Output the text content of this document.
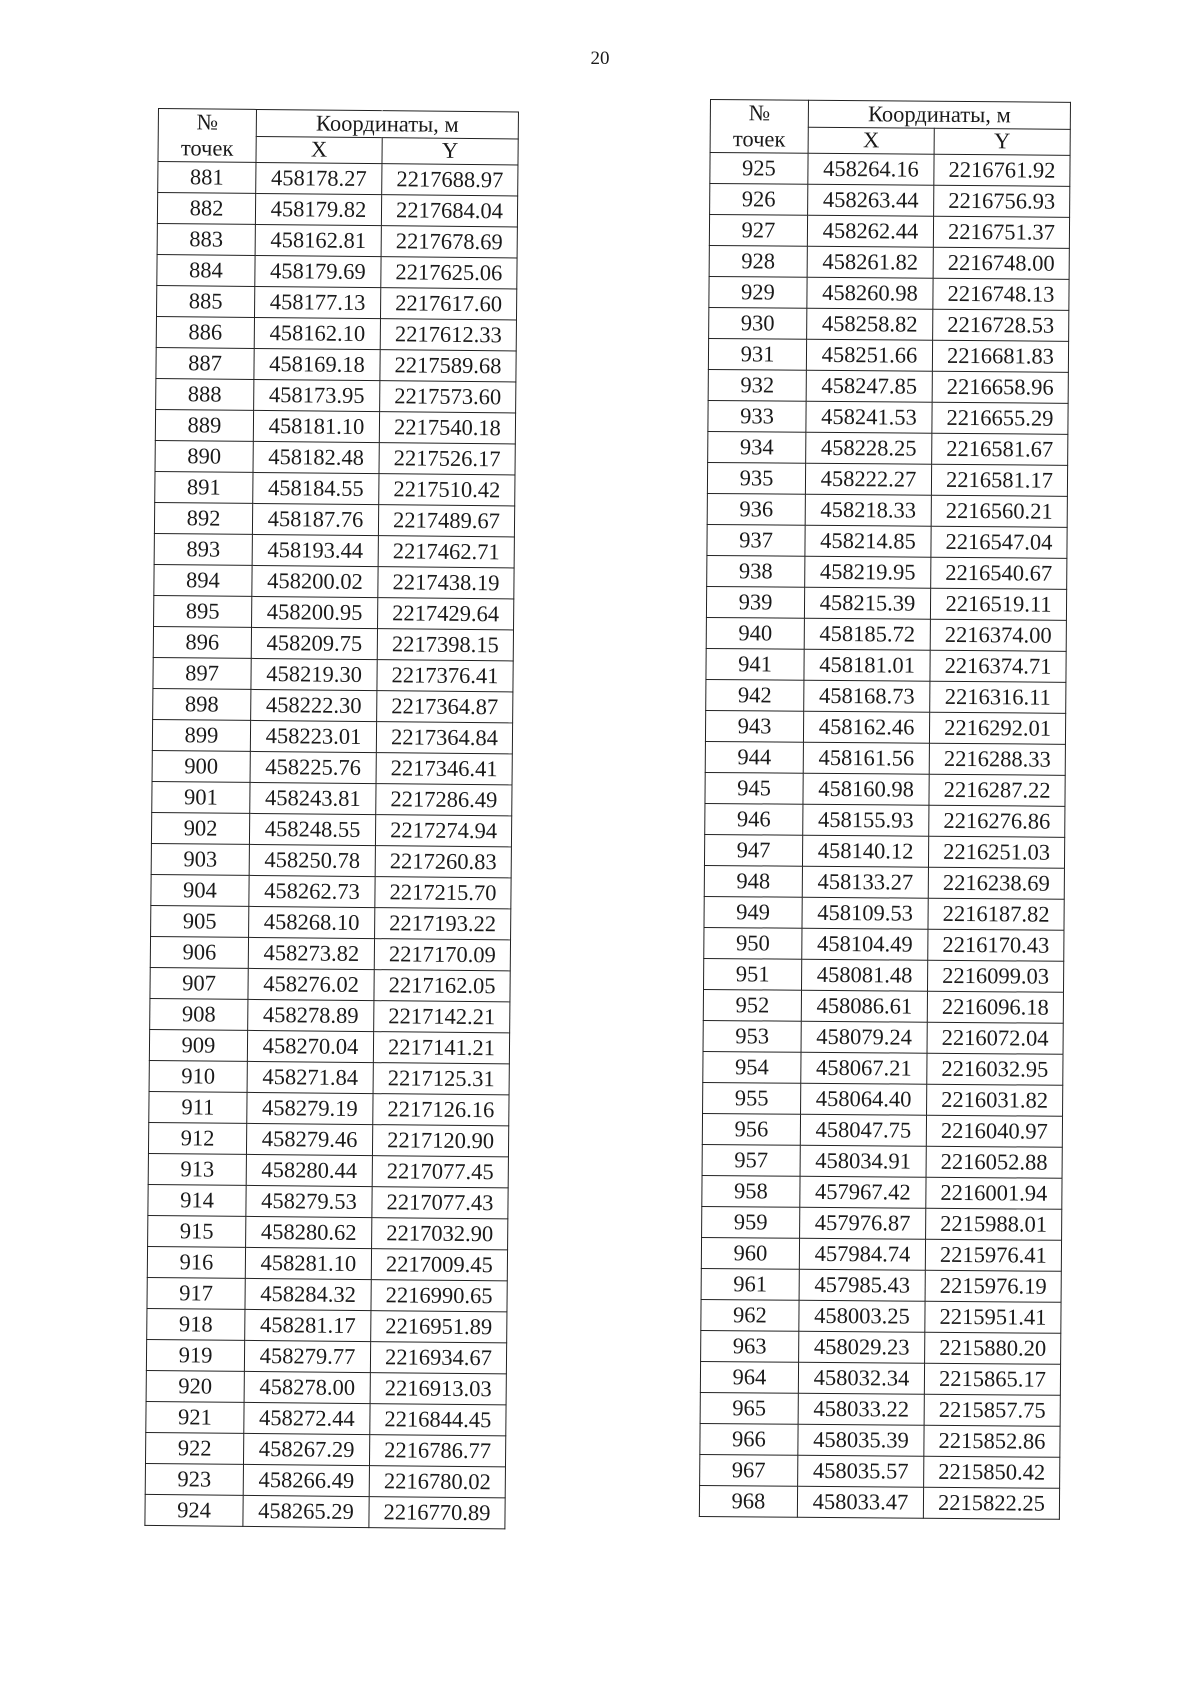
20
№
точек	Координаты, м	
	X	Y
881	458178.27	2217688.97
882	458179.82	2217684.04
883	458162.81	2217678.69
884	458179.69	2217625.06
885	458177.13	2217617.60
886	458162.10	2217612.33
887	458169.18	2217589.68
888	458173.95	2217573.60
889	458181.10	2217540.18
890	458182.48	2217526.17
891	458184.55	2217510.42
892	458187.76	2217489.67
893	458193.44	2217462.71
894	458200.02	2217438.19
895	458200.95	2217429.64
896	458209.75	2217398.15
897	458219.30	2217376.41
898	458222.30	2217364.87
899	458223.01	2217364.84
900	458225.76	2217346.41
901	458243.81	2217286.49
902	458248.55	2217274.94
903	458250.78	2217260.83
904	458262.73	2217215.70
905	458268.10	2217193.22
906	458273.82	2217170.09
907	458276.02	2217162.05
908	458278.89	2217142.21
909	458270.04	2217141.21
910	458271.84	2217125.31
911	458279.19	2217126.16
912	458279.46	2217120.90
913	458280.44	2217077.45
914	458279.53	2217077.43
915	458280.62	2217032.90
916	458281.10	2217009.45
917	458284.32	2216990.65
918	458281.17	2216951.89
919	458279.77	2216934.67
920	458278.00	2216913.03
921	458272.44	2216844.45
922	458267.29	2216786.77
923	458266.49	2216780.02
924	458265.29	2216770.89
№
точек	Координаты, м	
	X	Y
925	458264.16	2216761.92
926	458263.44	2216756.93
927	458262.44	2216751.37
928	458261.82	2216748.00
929	458260.98	2216748.13
930	458258.82	2216728.53
931	458251.66	2216681.83
932	458247.85	2216658.96
933	458241.53	2216655.29
934	458228.25	2216581.67
935	458222.27	2216581.17
936	458218.33	2216560.21
937	458214.85	2216547.04
938	458219.95	2216540.67
939	458215.39	2216519.11
940	458185.72	2216374.00
941	458181.01	2216374.71
942	458168.73	2216316.11
943	458162.46	2216292.01
944	458161.56	2216288.33
945	458160.98	2216287.22
946	458155.93	2216276.86
947	458140.12	2216251.03
948	458133.27	2216238.69
949	458109.53	2216187.82
950	458104.49	2216170.43
951	458081.48	2216099.03
952	458086.61	2216096.18
953	458079.24	2216072.04
954	458067.21	2216032.95
955	458064.40	2216031.82
956	458047.75	2216040.97
957	458034.91	2216052.88
958	457967.42	2216001.94
959	457976.87	2215988.01
960	457984.74	2215976.41
961	457985.43	2215976.19
962	458003.25	2215951.41
963	458029.23	2215880.20
964	458032.34	2215865.17
965	458033.22	2215857.75
966	458035.39	2215852.86
967	458035.57	2215850.42
968	458033.47	2215822.25
